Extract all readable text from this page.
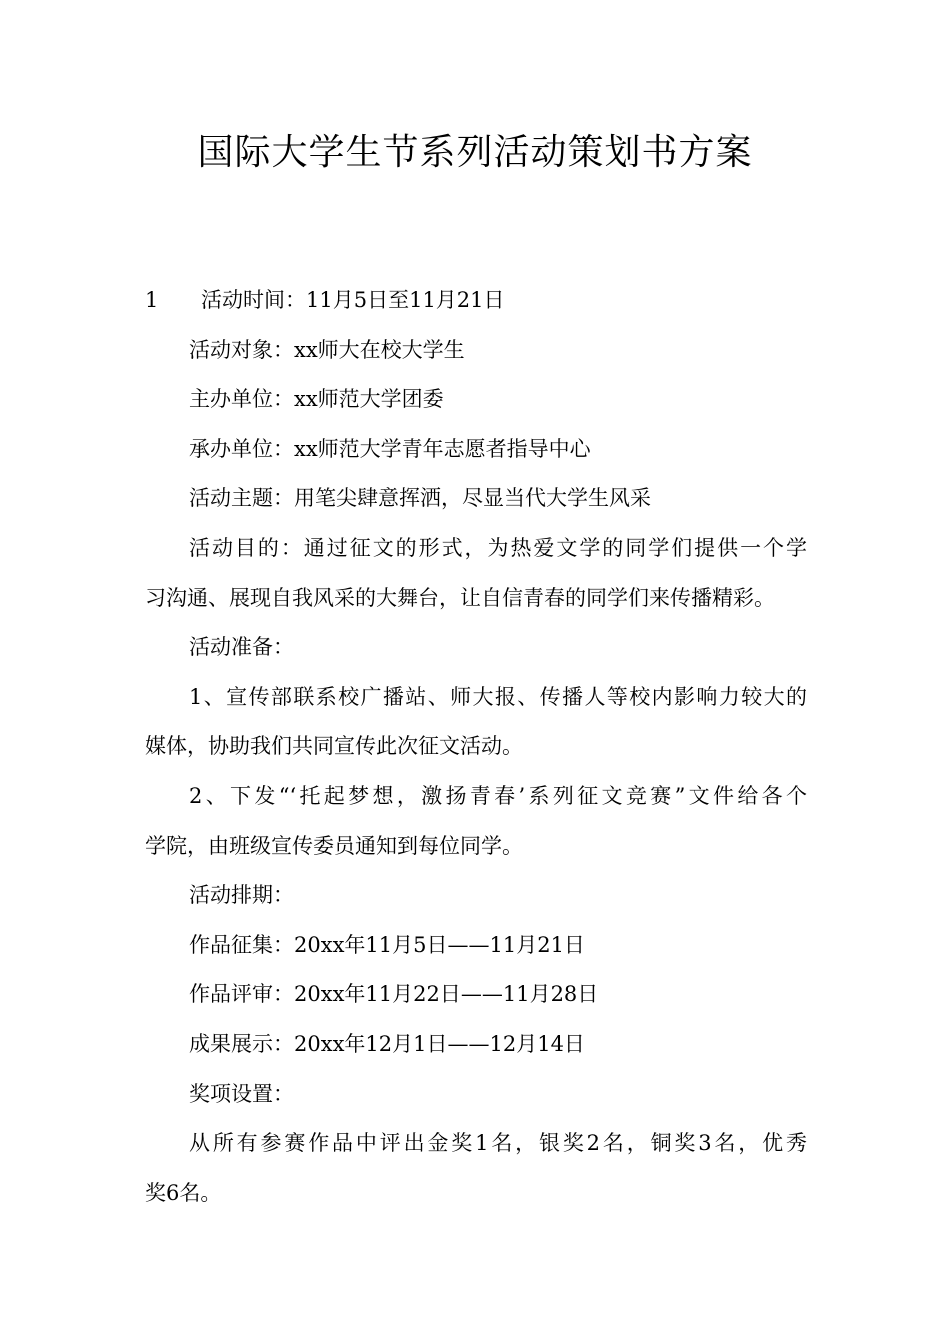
国际大学生节系列活动策划书方案
1 活动时间：11月5日至11月21日
活动对象：xx师大在校大学生
主办单位：xx师范大学团委
承办单位：xx师范大学青年志愿者指导中心
活动主题：用笔尖肆意挥洒，尽显当代大学生风采
活动目的：通过征文的形式，为热爱文学的同学们提供一个学
习沟通、展现自我风采的大舞台，让自信青春的同学们来传播精彩。
活动准备：
1、宣传部联系校广播站、师大报、传播人等校内影响力较大的
媒体，协助我们共同宣传此次征文活动。
2、下发“‘托起梦想，激扬青春’系列征文竞赛”文件给各个
学院，由班级宣传委员通知到每位同学。
活动排期：
作品征集：20xx年11月5日——11月21日
作品评审：20xx年11月22日——11月28日
成果展示：20xx年12月1日——12月14日
奖项设置：
从所有参赛作品中评出金奖1名，银奖2名，铜奖3名，优秀
奖6名。
